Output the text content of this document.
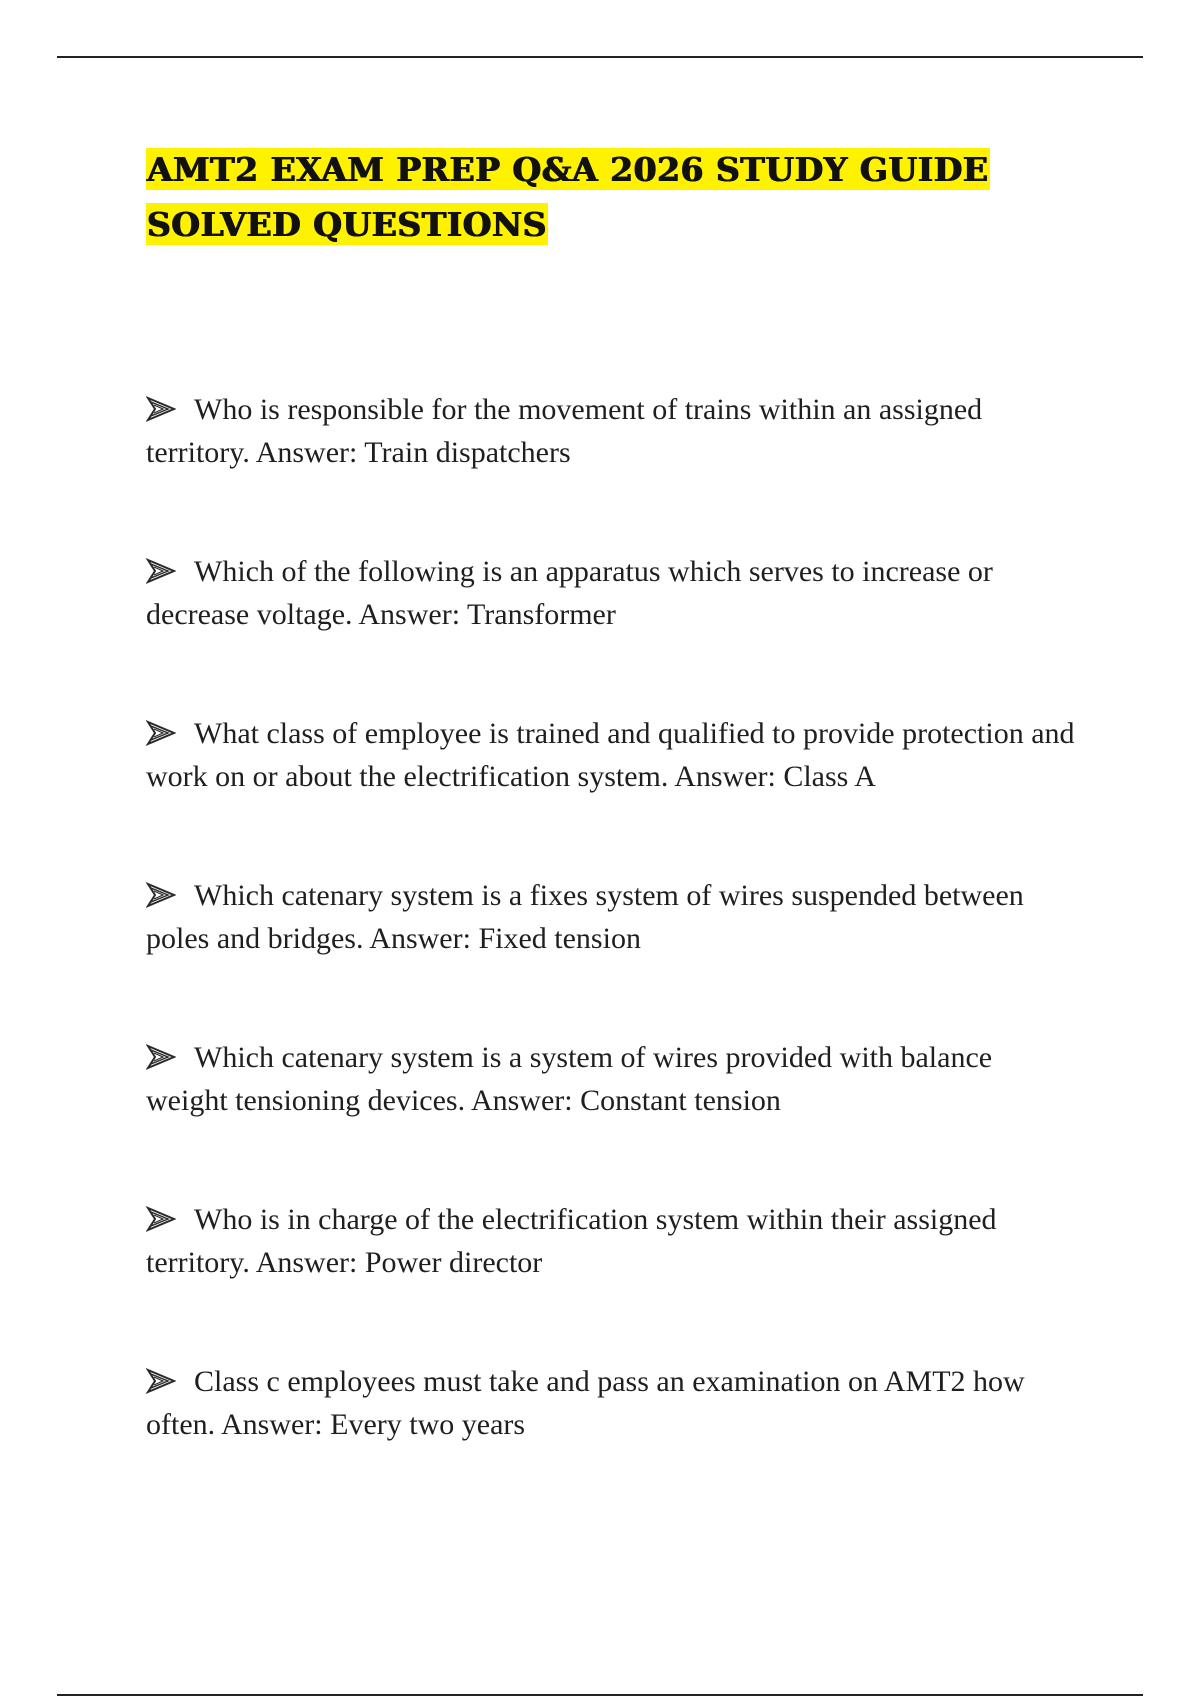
AMT2 EXAM PREP Q&A 2026 STUDY GUIDE
SOLVED QUESTIONS
Who is responsible for the movement of trains within an assigned territory. Answer: Train dispatchers
Which of the following is an apparatus which serves to increase or decrease voltage. Answer: Transformer
What class of employee is trained and qualified to provide protection and work on or about the electrification system. Answer: Class A
Which catenary system is a fixes system of wires suspended between poles and bridges. Answer: Fixed tension
Which catenary system is a system of wires provided with balance weight tensioning devices. Answer: Constant tension
Who is in charge of the electrification system within their assigned territory. Answer: Power director
Class c employees must take and pass an examination on AMT2 how often. Answer: Every two years
